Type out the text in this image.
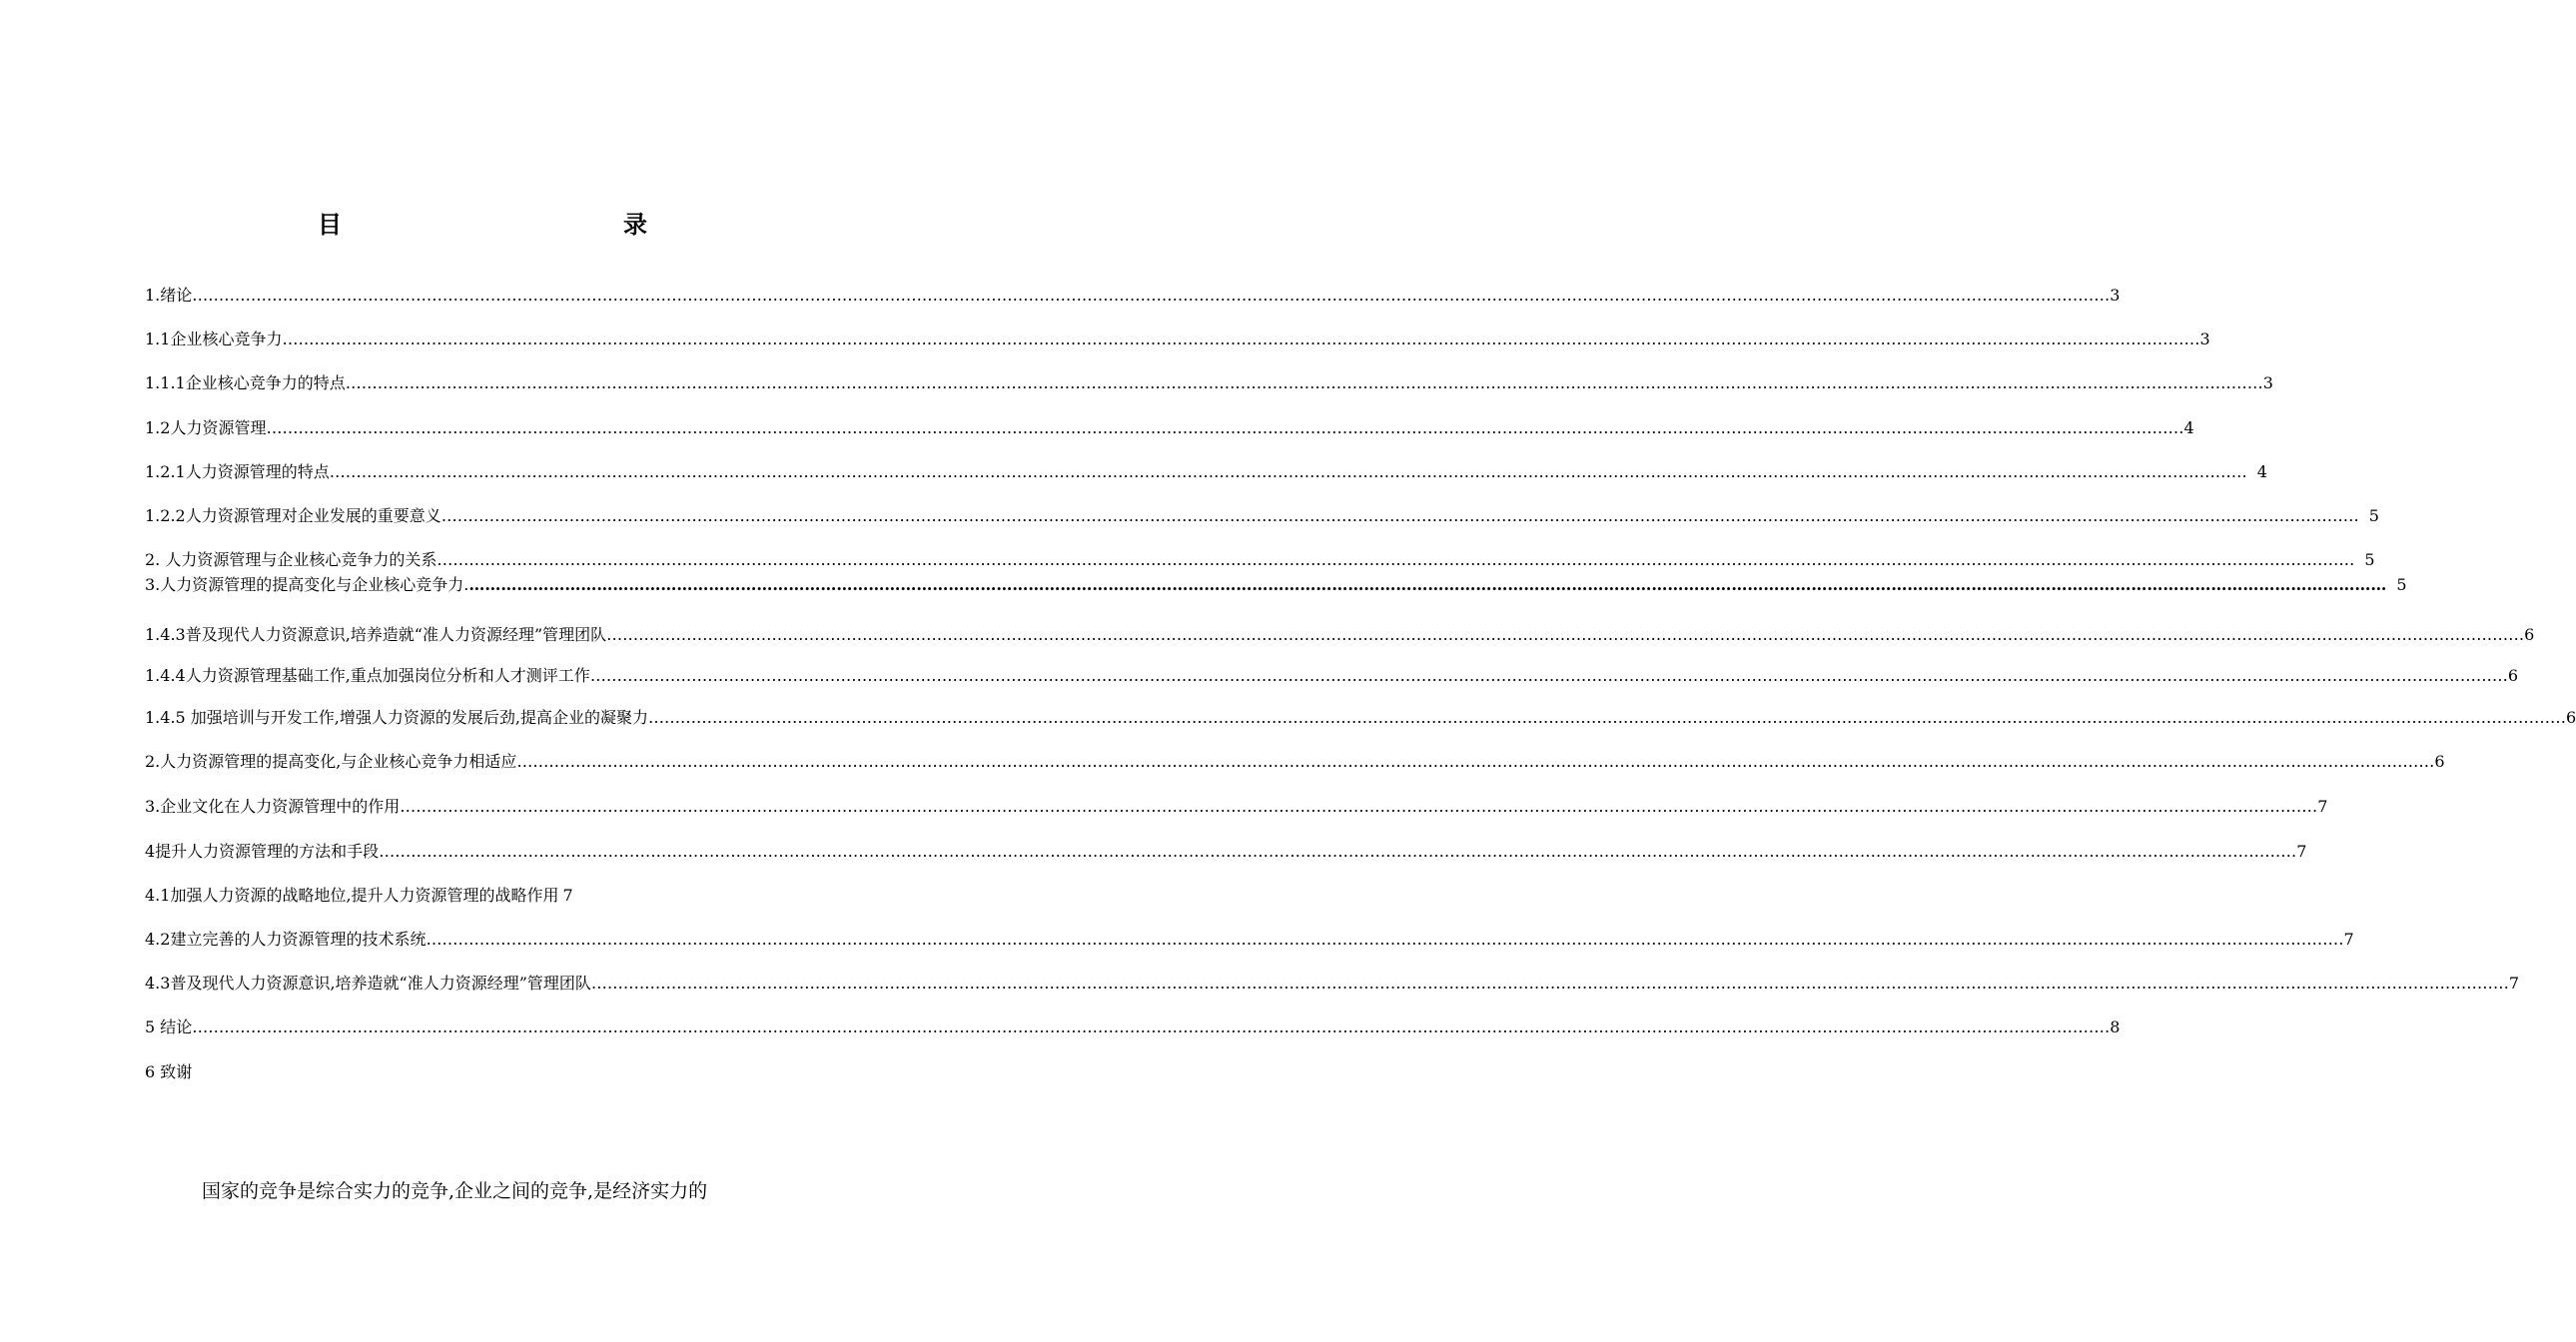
目	录
1.绪论 ……………………………………………………………………………………………………………………………………………………………………………………………………………………………………………………………………………………………………………………………… 3
1.1企业核心竞争力 ……………………………………………………………………………………………………………………………………………………………………………………………………………………………………………………………………………………………………………………………… 3
1.1.1企业核心竞争力的特点 ……………………………………………………………………………………………………………………………………………………………………………………………………………………………………………………………………………………………………………………………… 3
1.2人力资源管理 ……………………………………………………………………………………………………………………………………………………………………………………………………………………………………………………………………………………………………………………………… 4
1.2.1人力资源管理的特点 ……………………………………………………………………………………………………………………………………………………………………………………………………………………………………………………………………………………………………………………………… 4
1.2.2人力资源管理对企业发展的重要意义 ……………………………………………………………………………………………………………………………………………………………………………………………………………………………………………………………………………………………………………………………… 5
2. 人力资源管理与企业核心竞争力的关系 ……………………………………………………………………………………………………………………………………………………………………………………………………………………………………………………………………………………………………………………………… 5
3.人力资源管理的提高变化与企业核心竞争力. ……………………………………………………………………………………………………………………………………………………………………………………………………………………………………………………………………………………………………………………………… 5
1.4.3普及现代人力资源意识,培养造就“准人力资源经理”管理团队 ……………………………………………………………………………………………………………………………………………………………………………………………………………………………………………………………………………………………………………………………… 6
1.4.4人力资源管理基础工作,重点加强岗位分析和人才测评工作 ……………………………………………………………………………………………………………………………………………………………………………………………………………………………………………………………………………………………………………………………… 6
1.4.5 加强培训与开发工作,增强人力资源的发展后劲,提高企业的凝聚力 ……………………………………………………………………………………………………………………………………………………………………………………………………………………………………………………………………………………………………………………………… 6
2.人力资源管理的提高变化,与企业核心竞争力相适应 ……………………………………………………………………………………………………………………………………………………………………………………………………………………………………………………………………………………………………………………………… 6
3.企业文化在人力资源管理中的作用 ……………………………………………………………………………………………………………………………………………………………………………………………………………………………………………………………………………………………………………………………… 7
4提升人力资源管理的方法和手段 ……………………………………………………………………………………………………………………………………………………………………………………………………………………………………………………………………………………………………………………………… 7
4.1加强人力资源的战略地位,提升人力资源管理的战略作用 7
4.2建立完善的人力资源管理的技术系统 ……………………………………………………………………………………………………………………………………………………………………………………………………………………………………………………………………………………………………………………………… 7
4.3普及现代人力资源意识,培养造就“准人力资源经理”管理团队 ……………………………………………………………………………………………………………………………………………………………………………………………………………………………………………………………………………………………………………………………… 7
5 结论 ……………………………………………………………………………………………………………………………………………………………………………………………………………………………………………………………………………………………………………………………… 8
6 致谢
国家的竞争是综合实力的竞争,企业之间的竞争,是经济实力的
